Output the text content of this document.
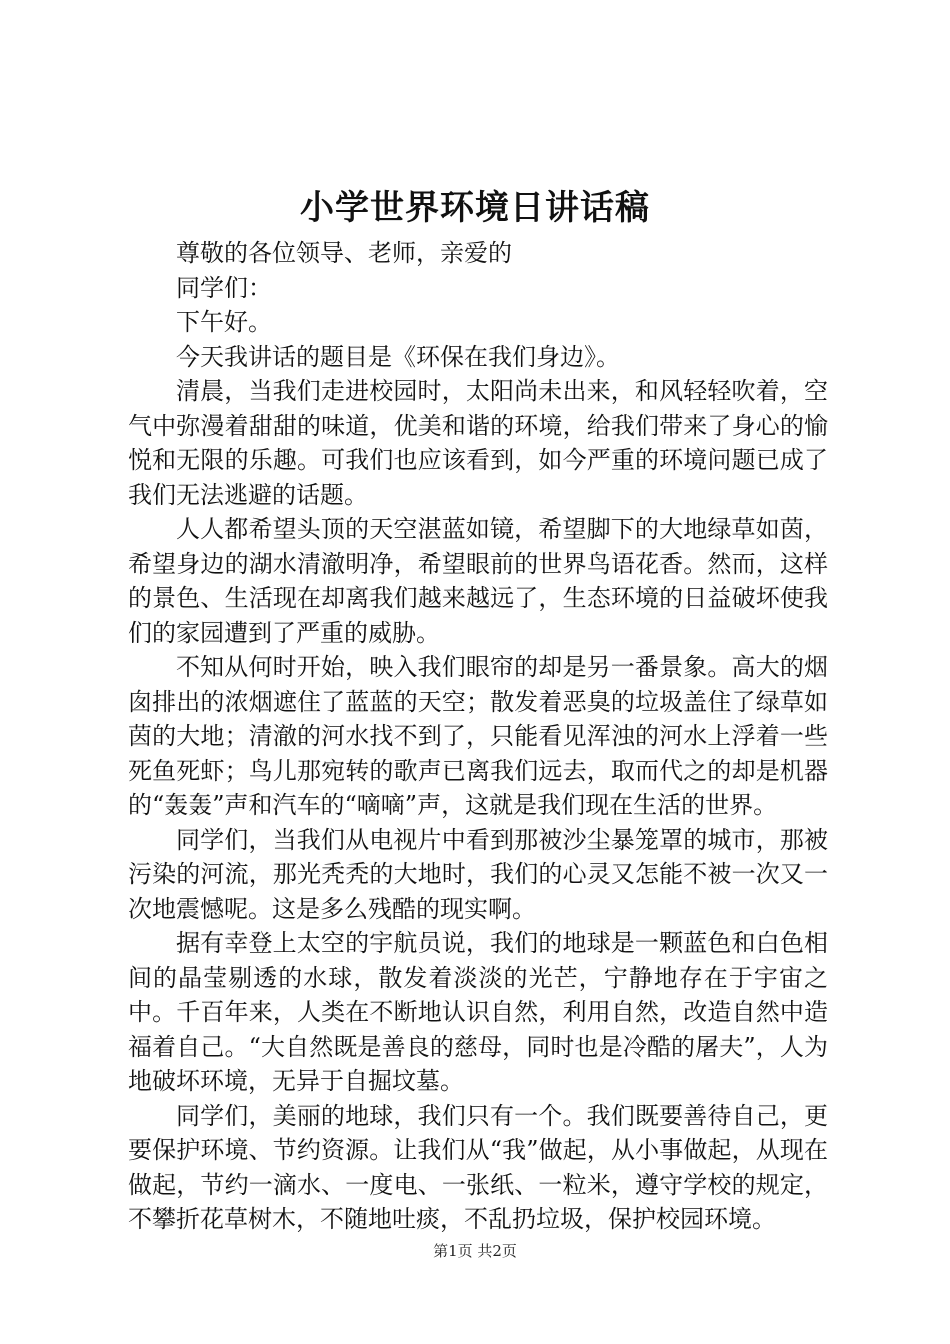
小学世界环境日讲话稿

尊敬的各位领导、老师，亲爱的

同学们：

下午好。

今天我讲话的题目是《环保在我们身边》。

清晨，当我们走进校园时，太阳尚未出来，和风轻轻吹着，空气中弥漫着甜甜的味道，优美和谐的环境，给我们带来了身心的愉悦和无限的乐趣。可我们也应该看到，如今严重的环境问题已成了我们无法逃避的话题。

人人都希望头顶的天空湛蓝如镜，希望脚下的大地绿草如茵，希望身边的湖水清澈明净，希望眼前的世界鸟语花香。然而，这样的景色、生活现在却离我们越来越远了，生态环境的日益破坏使我们的家园遭到了严重的威胁。

不知从何时开始，映入我们眼帘的却是另一番景象。高大的烟囱排出的浓烟遮住了蓝蓝的天空；散发着恶臭的垃圾盖住了绿草如茵的大地；清澈的河水找不到了，只能看见浑浊的河水上浮着一些死鱼死虾；鸟儿那宛转的歌声已离我们远去，取而代之的却是机器的“轰轰”声和汽车的“嘀嘀”声，这就是我们现在生活的世界。

同学们，当我们从电视片中看到那被沙尘暴笼罩的城市，那被污染的河流，那光秃秃的大地时，我们的心灵又怎能不被一次又一次地震憾呢。这是多么残酷的现实啊。

据有幸登上太空的宇航员说，我们的地球是一颗蓝色和白色相间的晶莹剔透的水球，散发着淡淡的光芒，宁静地存在于宇宙之中。千百年来，人类在不断地认识自然，利用自然，改造自然中造福着自己。“大自然既是善良的慈母，同时也是冷酷的屠夫”，人为地破坏环境，无异于自掘坟墓。

同学们，美丽的地球，我们只有一个。我们既要善待自己，更要保护环境、节约资源。让我们从“我”做起，从小事做起，从现在做起，节约一滴水、一度电、一张纸、一粒米，遵守学校的规定，不攀折花草树木，不随地吐痰，不乱扔垃圾，保护校园环境。

第1页 共2页
